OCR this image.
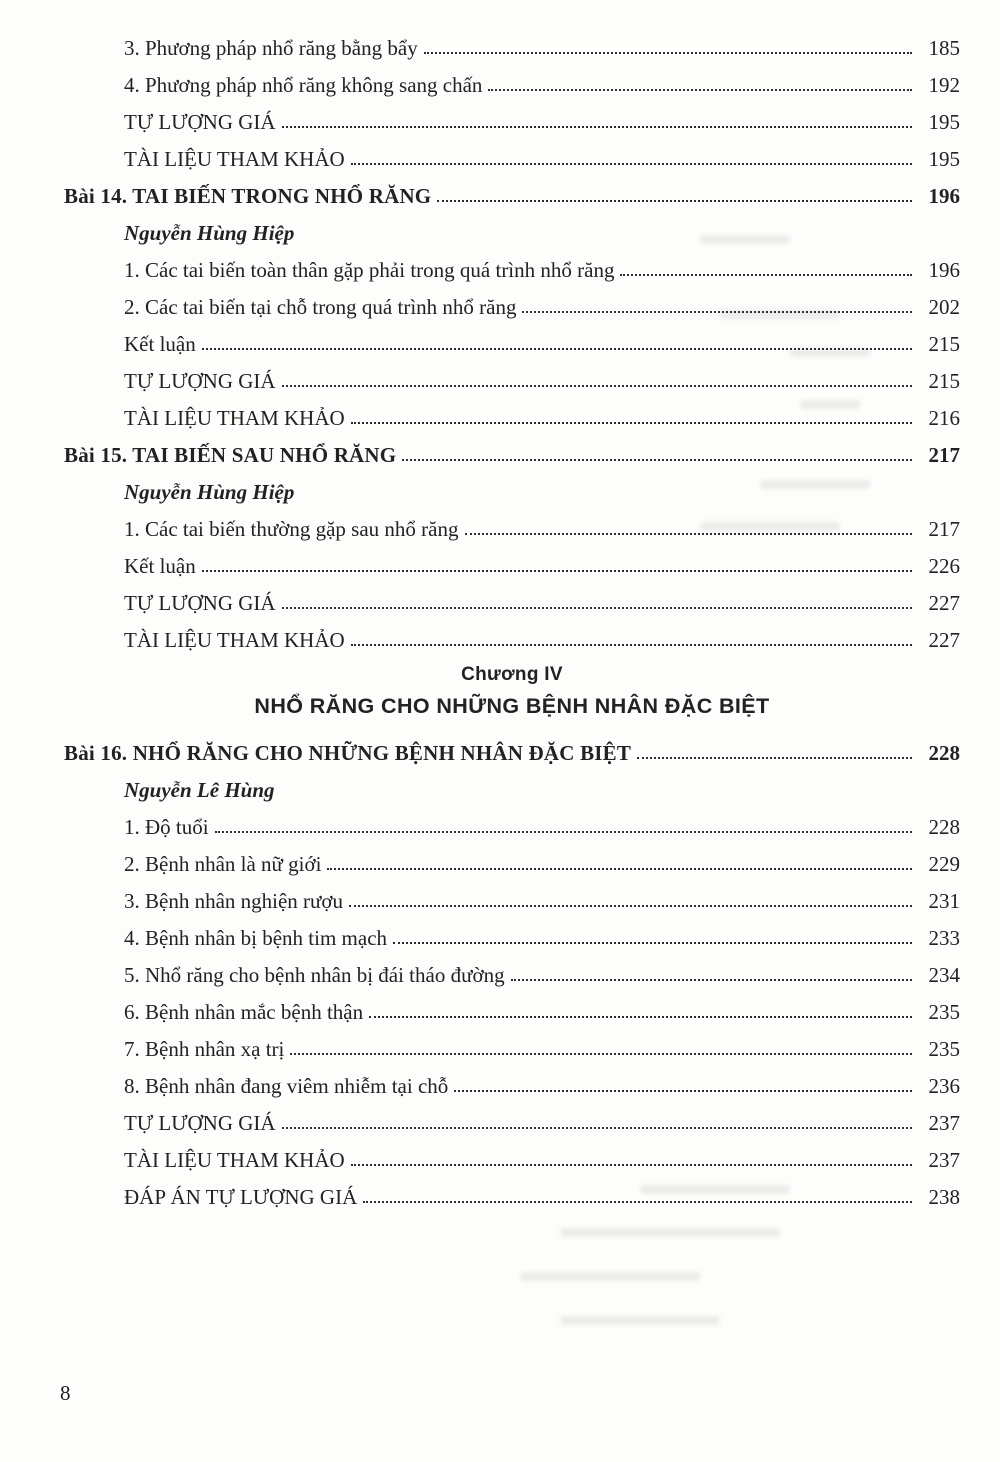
3. Phương pháp nhổ răng bằng bẩy	185
4. Phương pháp nhổ răng không sang chấn	192
TỰ LƯỢNG GIÁ	195
TÀI LIỆU THAM KHẢO	195
Bài 14. TAI BIẾN TRONG NHỔ RĂNG	196
Nguyễn Hùng Hiệp
1. Các tai biến toàn thân gặp phải trong quá trình nhổ răng	196
2. Các tai biến tại chỗ trong quá trình nhổ răng	202
Kết luận	215
TỰ LƯỢNG GIÁ	215
TÀI LIỆU THAM KHẢO	216
Bài 15. TAI BIẾN SAU NHỔ RĂNG	217
Nguyễn Hùng Hiệp
1. Các tai biến thường gặp sau nhổ răng	217
Kết luận	226
TỰ LƯỢNG GIÁ	227
TÀI LIỆU THAM KHẢO	227
Chương IV
NHỔ RĂNG CHO NHỮNG BỆNH NHÂN ĐẶC BIỆT
Bài 16. NHỔ RĂNG CHO NHỮNG BỆNH NHÂN ĐẶC BIỆT	228
Nguyễn Lê Hùng
1. Độ tuổi	228
2. Bệnh nhân là nữ giới	229
3. Bệnh nhân nghiện rượu	231
4. Bệnh nhân bị bệnh tim mạch	233
5. Nhổ răng cho bệnh nhân bị đái tháo đường	234
6. Bệnh nhân mắc bệnh thận	235
7. Bệnh nhân xạ trị	235
8. Bệnh nhân đang viêm nhiễm tại chỗ	236
TỰ LƯỢNG GIÁ	237
TÀI LIỆU THAM KHẢO	237
ĐÁP ÁN TỰ LƯỢNG GIÁ	238
8
